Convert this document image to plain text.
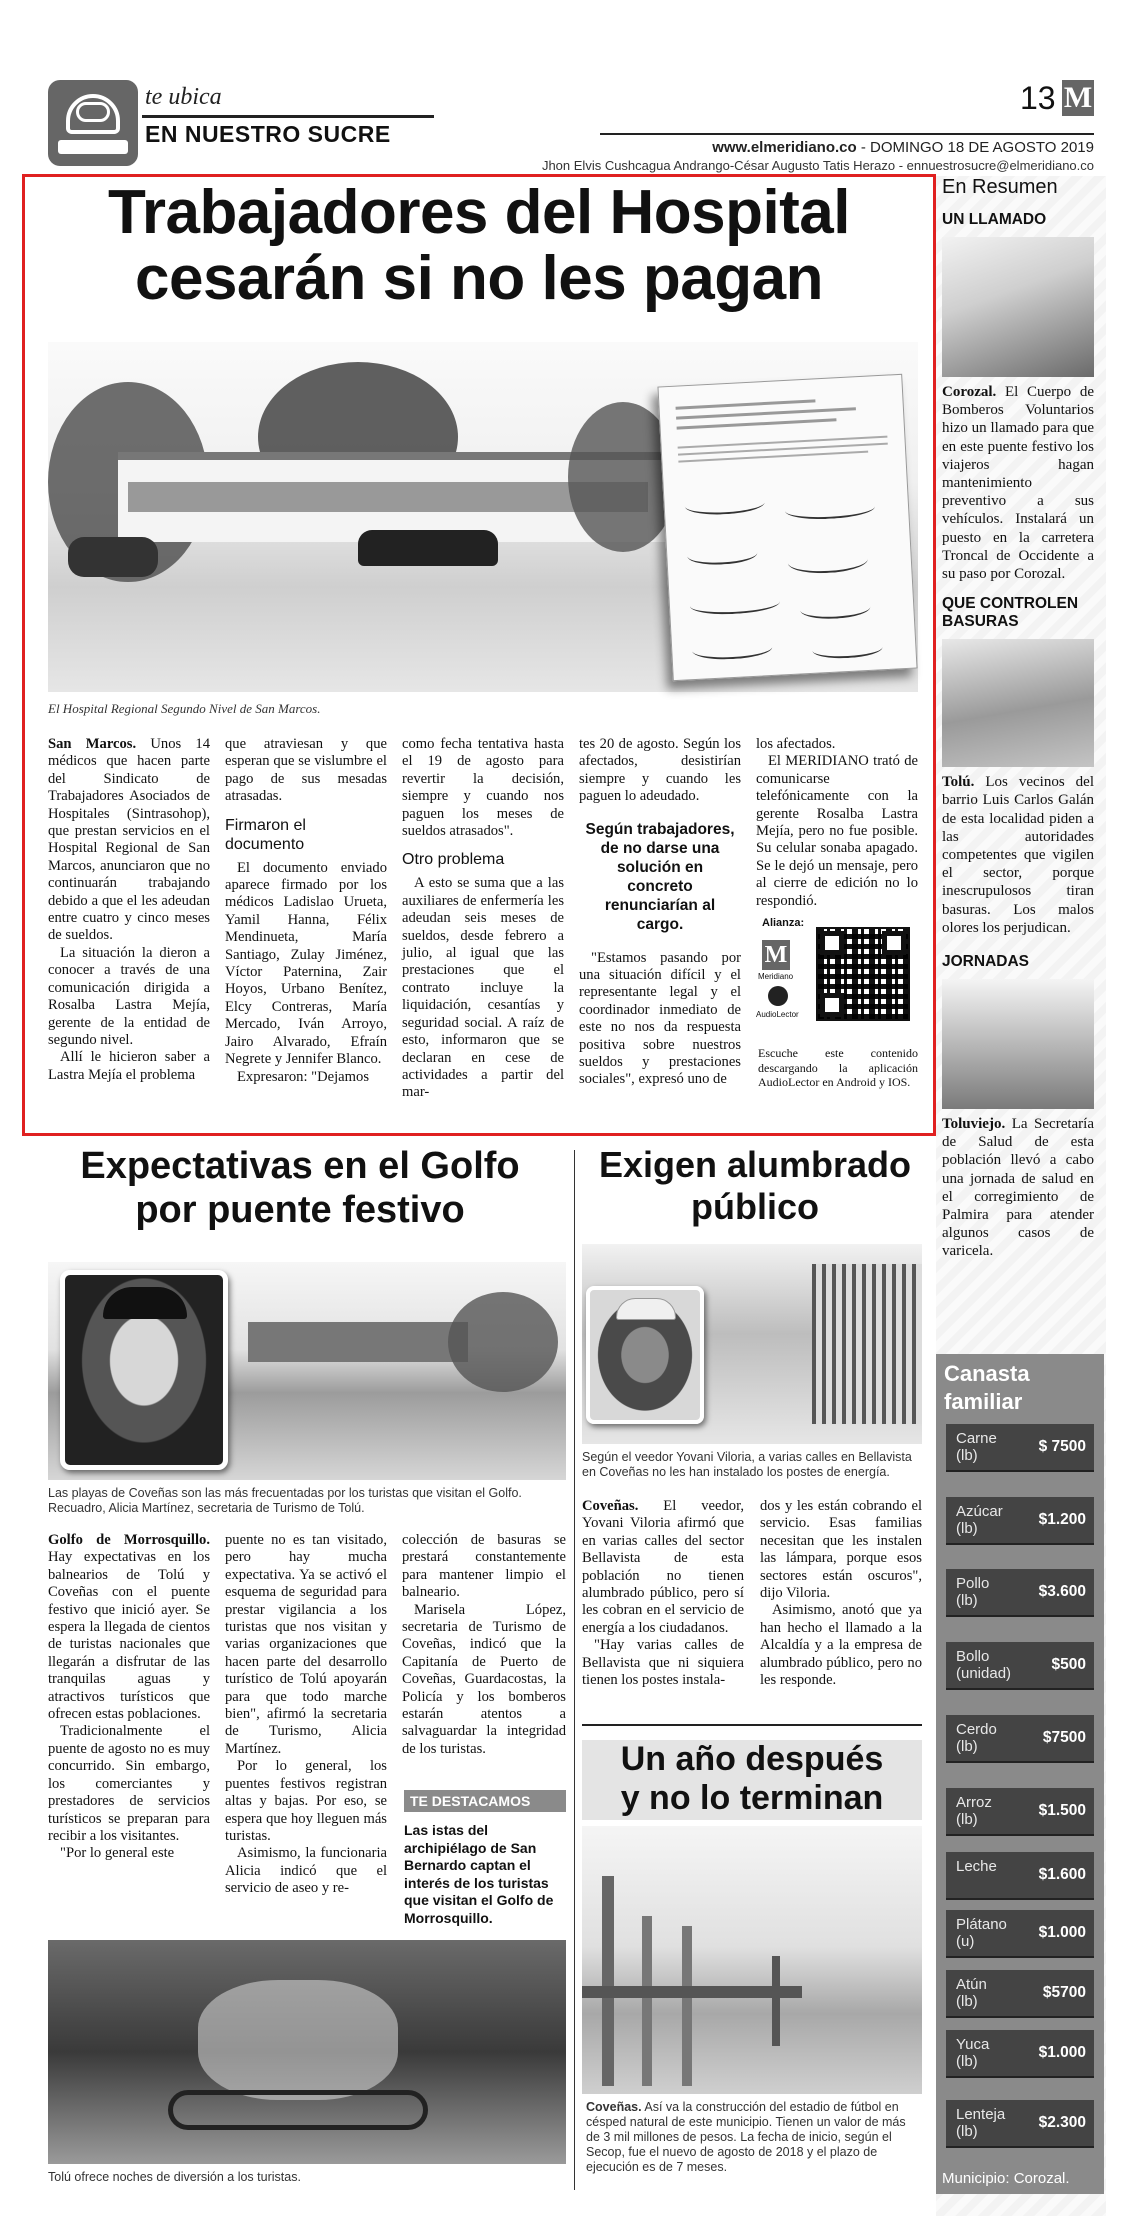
te ubica
EN NUESTRO SUCRE
13 M
www.elmeridiano.co - DOMINGO 18 DE AGOSTO 2019
Jhon Elvis Cushcagua Andrango-César Augusto Tatis Herazo - ennuestrosucre@elmeridiano.co
Trabajadores del Hospital
cesarán si no les pagan
El Hospital Regional Segundo Nivel de San Marcos.

San Marcos. Unos 14 médicos que hacen parte del Sindicato de Trabajadores Asociados de Hospitales (Sintrasohop), que prestan servicios en el Hospital Regional de San Marcos, anunciaron que no continuarán trabajando debido a que el les adeudan entre cuatro y cinco meses de sueldos.

La situación la dieron a conocer a través de una comunicación dirigida a Rosalba Lastra Mejía, gerente de la entidad de segundo nivel.

Allí le hicieron saber a Lastra Mejía el problema

que atraviesan y que esperan que se vislumbre el pago de sus mesadas atrasadas.

Firmaron el documento

El documento enviado aparece firmado por los médicos Ladislao Urueta, Yamil Hanna, Félix Mendinueta, María Santiago, Zulay Jiménez, Víctor Paternina, Zair Hoyos, Urbano Benítez, Elcy Contreras, María Mercado, Iván Arroyo, Jairo Alvarado, Efraín Negrete y Jennifer Blanco.

Expresaron: "Dejamos

como fecha tentativa hasta el 19 de agosto para revertir la decisión, siempre y cuando nos paguen los meses de sueldos atrasados".

Otro problema

A esto se suma que a las auxiliares de enfermería les adeudan seis meses de sueldos, desde febrero a julio, al igual que las prestaciones que el contrato incluye la liquidación, cesantías y seguridad social. A raíz de esto, informaron que se declaran en cese de actividades a partir del mar-

tes 20 de agosto. Según los afectados, desistirían siempre y cuando les paguen lo adeudado.

Según trabajadores, de no darse una solución en concreto renunciarían al cargo.

"Estamos pasando por una situación difícil y el representante legal y el coordinador inmediato de este no nos da respuesta positiva sobre nuestros sueldos y prestaciones sociales", expresó uno de

los afectados.

El MERIDIANO trató de comunicarse telefónicamente con la gerente Rosalba Lastra Mejía, pero no fue posible. Su celular sonaba apagado. Se le dejó un mensaje, pero al cierre de edición no lo respondió.

Alianza:
M
Meridiano
AudioLector
Escuche este contenido descargando la aplicación AudioLector en Android y IOS.
En Resumen
UN LLAMADO

Corozal. El Cuerpo de Bomberos Voluntarios hizo un llamado para que en este puente festivo los viajeros hagan mantenimiento preventivo a sus vehículos. Instalará un puesto en la carretera Troncal de Occidente a su paso por Corozal.

QUE CONTROLEN BASURAS

Tolú. Los vecinos del barrio Luis Carlos Galán de esta localidad piden a las autoridades competentes que vigilen el sector, porque inescrupulosos tiran basuras. Los malos olores los perjudican.

JORNADAS

Toluviejo. La Secretaría de Salud de esta población llevó a cabo una jornada de salud en el corregimiento de Palmira para atender algunos casos de varicela.

Canasta familiar
Carne
(lb)
$ 7500
Azúcar
(lb)
$1.200
Pollo
(lb)
$3.600
Bollo
(unidad)
$500
Cerdo
(lb)
$7500
Arroz
(lb)
$1.500
Leche	$1.600
Plátano
(u)
$1.000
Atún
(lb)
$5700
Yuca
(lb)
$1.000
Lenteja
(lb)
$2.300
Municipio: Corozal.
Expectativas en el Golfo
por puente festivo
Las playas de Coveñas son las más frecuentadas por los turistas que visitan el Golfo. Recuadro, Alicia Martínez, secretaria de Turismo de Tolú.

Golfo de Morrosquillo. Hay expectativas en los balnearios de Tolú y Coveñas con el puente festivo que inició ayer. Se espera la llegada de cientos de turistas nacionales que llegarán a disfrutar de las tranquilas aguas y atractivos turísticos que ofrecen estas poblaciones.

Tradicionalmente el puente de agosto no es muy concurrido. Sin embargo, los comerciantes y prestadores de servicios turísticos se preparan para recibir a los visitantes.

"Por lo general este

puente no es tan visitado, pero hay mucha expectativa. Ya se activó el esquema de seguridad para prestar vigilancia a los turistas que nos visitan y varias organizaciones que hacen parte del desarrollo turístico de Tolú apoyarán para que todo marche bien", afirmó la secretaria de Turismo, Alicia Martínez.

Por lo general, los puentes festivos registran altas y bajas. Por eso, se espera que hoy lleguen más turistas.

Asimismo, la funcionaria Alicia indicó que el servicio de aseo y re-

colección de basuras se prestará constantemente para mantener limpio el balneario.

Marisela López, secretaria de Turismo de Coveñas, indicó que la Capitanía de Puerto de Coveñas, Guardacostas, la Policía y los bomberos estarán atentos a salvaguardar la integridad de los turistas.

TE DESTACAMOS
Las istas del archipiélago de San Bernardo captan el interés de los turistas que visitan el Golfo de Morrosquillo.
Tolú ofrece noches de diversión a los turistas.
Exigen alumbrado
público
Según el veedor Yovani Viloria, a varias calles en Bellavista en Coveñas no les han instalado los postes de energía.

Coveñas. El veedor, Yovani Viloria afirmó que en varias calles del sector Bellavista de esta población no tienen alumbrado público, pero sí les cobran en el servicio de energía a los ciudadanos.

"Hay varias calles de Bellavista que ni siquiera tienen los postes instala-

dos y les están cobrando el servicio. Esas familias necesitan que les instalen las lámpara, porque esos sectores están oscuros", dijo Viloria.

Asimismo, anotó que ya han hecho el llamado a la Alcaldía y a la empresa de alumbrado público, pero no les responde.

Un año después
y no lo terminan
Coveñas. Así va la construcción del estadio de fútbol en césped natural de este municipio. Tienen un valor de más de 3 mil millones de pesos. La fecha de inicio, según el Secop, fue el nuevo de agosto de 2018 y el plazo de ejecución es de 7 meses.
